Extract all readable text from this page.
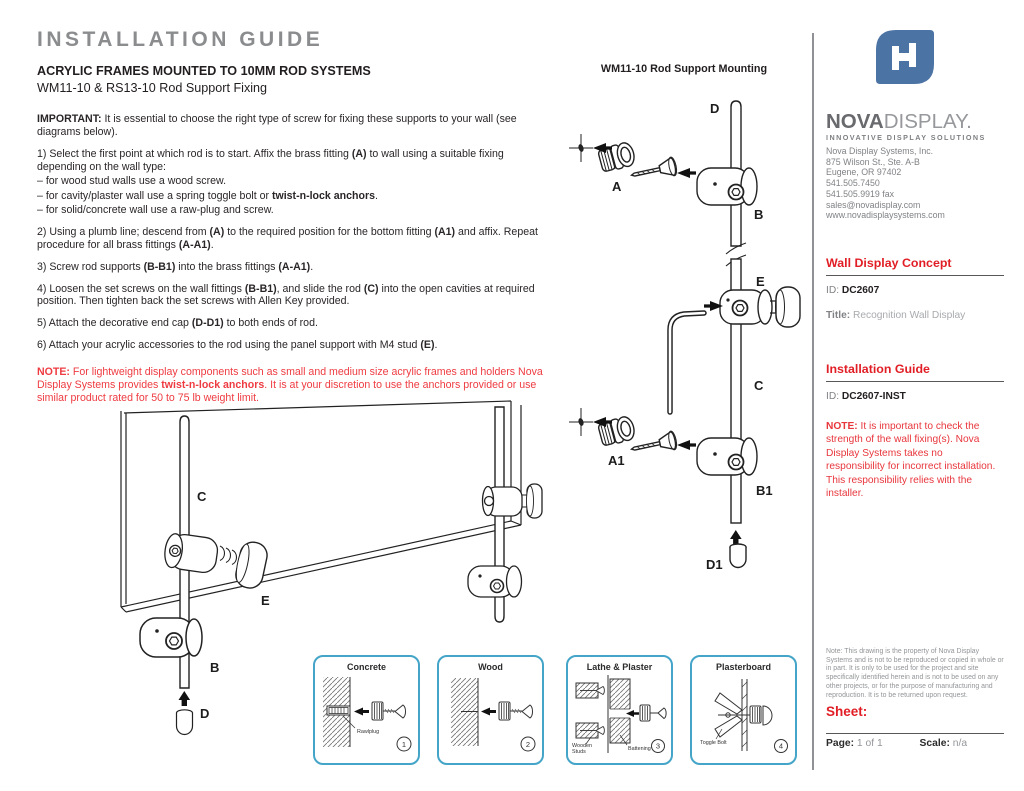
INSTALLATION GUIDE
ACRYLIC FRAMES MOUNTED TO 10MM ROD SYSTEMS
WM11-10 & RS13-10 Rod Support Fixing

IMPORTANT: It is essential to choose the right type of screw for fixing these supports to your wall (see diagrams below).

1) Select the first point at which rod is to start. Affix the brass fitting (A) to wall using a suitable fixing depending on the wall type:

– for wood stud walls use a wood screw.

– for cavity/plaster wall use a spring toggle bolt or twist-n-lock anchors.

– for solid/concrete wall use a raw-plug and screw.

2) Using a plumb line; descend from (A) to the required position for the bottom fitting (A1) and affix. Repeat procedure for all brass fittings (A-A1).

3) Screw rod supports (B-B1) into the brass fittings (A-A1).

4) Loosen the set screws on the wall fittings (B-B1), and slide the rod (C) into the open cavities at required position. Then tighten back the set screws with Allen Key provided.

5) Attach the decorative end cap (D-D1) to both ends of rod.

6) Attach your acrylic accessories to the rod using the panel support with M4 stud (E).

NOTE: For lightweight display components such as small and medium size acrylic frames and holders Nova Display Systems provides twist-n-lock anchors. It is at your discretion to use the anchors provided or use similar product rated for 50 to 75 lb weight limit.

WM11-10 Rod Support Mounting
D
A
B
E
C
A1
B1
D1
C
E
B
D
Concrete
Rawlplug
1
Wood
2
Lathe & Plaster
Wooden
Studs	Battening 3
Plasterboard
Toggle Bolt	4
NOVADISPLAY.
INNOVATIVE DISPLAY SOLUTIONS
Nova Display Systems, Inc.
875 Wilson St., Ste. A-B
Eugene, OR 97402
541.505.7450
541.505.9919 fax
sales@novadisplay.com
www.novadisplaysystems.com
Wall Display Concept
ID: DC2607
Title: Recognition Wall Display
Installation Guide
ID: DC2607-INST
NOTE: It is important to check the strength of the wall fixing(s). Nova Display Systems takes no responsibility for incorrect installation. This responsibility relies with the installer.
Note: This drawing is the property of Nova Display Systems and is not to be reproduced or copied in whole or in part. It is only to be used for the project and site specifically identified herein and is not to be used on any other projects, or for the purpose of manufacturing and reproduction. It is to be returned upon request.
Sheet:
Page: 1 of 1	Scale: n/a
